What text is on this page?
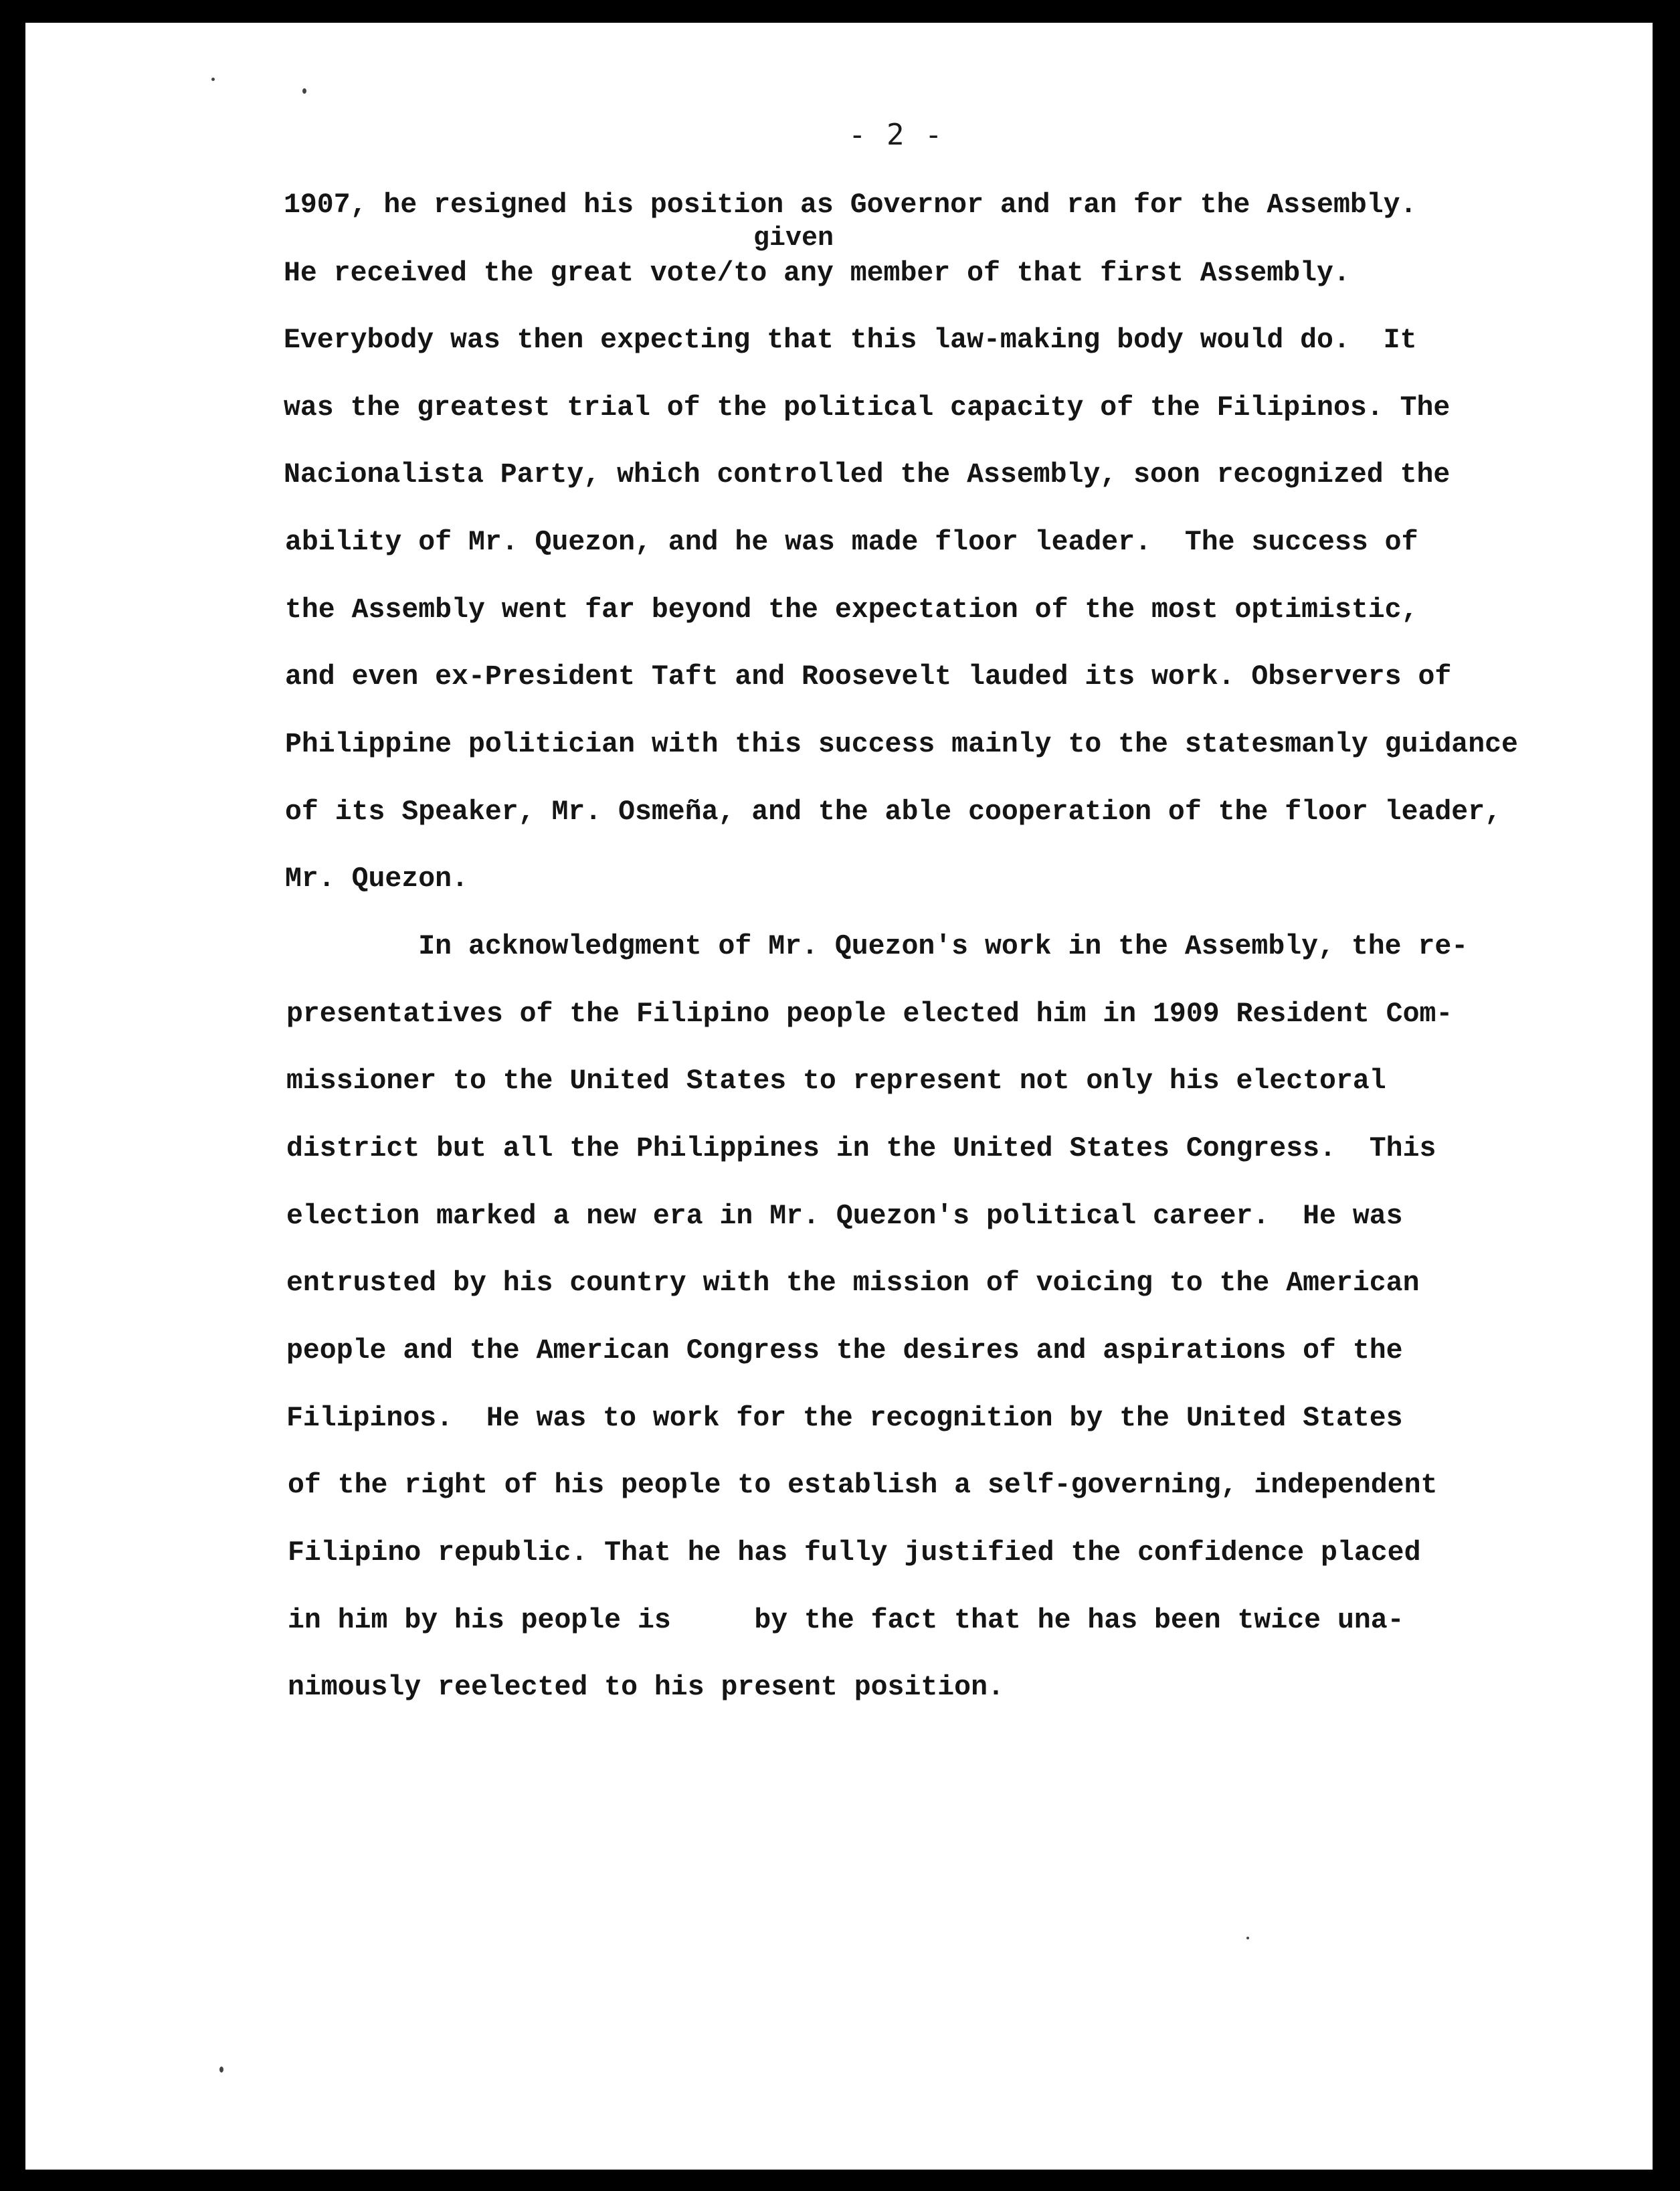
- 2 -
given
1907, he resigned his position as Governor and ran for the Assembly.
He received the great vote/to any member of that first Assembly.
Everybody was then expecting that this law-making body would do.  It
was the greatest trial of the political capacity of the Filipinos. The
Nacionalista Party, which controlled the Assembly, soon recognized the
ability of Mr. Quezon, and he was made floor leader.  The success of
the Assembly went far beyond the expectation of the most optimistic,
and even ex-President Taft and Roosevelt lauded its work. Observers of
Philippine politician with this success mainly to the statesmanly guidance
of its Speaker, Mr. Osmeña, and the able cooperation of the floor leader,
Mr. Quezon.
In acknowledgment of Mr. Quezon's work in the Assembly, the re-
presentatives of the Filipino people elected him in 1909 Resident Com-
missioner to the United States to represent not only his electoral
district but all the Philippines in the United States Congress.  This
election marked a new era in Mr. Quezon's political career.  He was
entrusted by his country with the mission of voicing to the American
people and the American Congress the desires and aspirations of the
Filipinos.  He was to work for the recognition by the United States
of the right of his people to establish a self-governing, independent
Filipino republic. That he has fully justified the confidence placed
in him by his people is     by the fact that he has been twice una-
nimously reelected to his present position.
